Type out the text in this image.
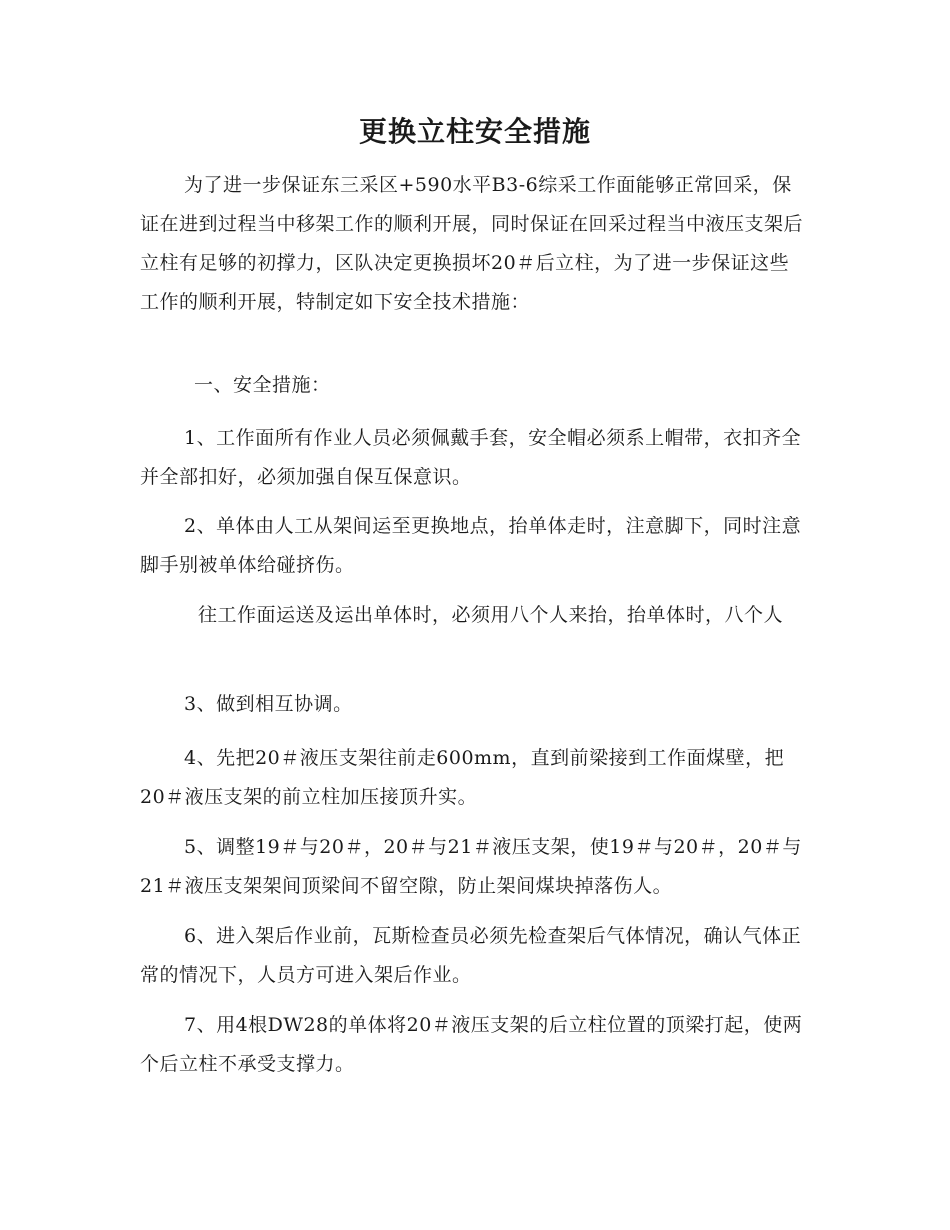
更换立柱安全措施

为了进一步保证东三采区+590水平B3-6综采工作面能够正常回采，保证在进到过程当中移架工作的顺利开展，同时保证在回采过程当中液压支架后立柱有足够的初撑力，区队决定更换损坏20＃后立柱，为了进一步保证这些工作的顺利开展，特制定如下安全技术措施：

一、安全措施：

1、工作面所有作业人员必须佩戴手套，安全帽必须系上帽带，衣扣齐全并全部扣好，必须加强自保互保意识。

2、单体由人工从架间运至更换地点，抬单体走时，注意脚下，同时注意脚手别被单体给碰挤伤。

往工作面运送及运出单体时，必须用八个人来抬，抬单体时，八个人

3、做到相互协调。

4、先把20＃液压支架往前走600mm，直到前梁接到工作面煤壁，把20＃液压支架的前立柱加压接顶升实。

5、调整19＃与20＃，20＃与21＃液压支架，使19＃与20＃，20＃与21＃液压支架架间顶梁间不留空隙，防止架间煤块掉落伤人。

6、进入架后作业前，瓦斯检查员必须先检查架后气体情况，确认气体正常的情况下，人员方可进入架后作业。

7、用4根DW28的单体将20＃液压支架的后立柱位置的顶梁打起，使两个后立柱不承受支撑力。
